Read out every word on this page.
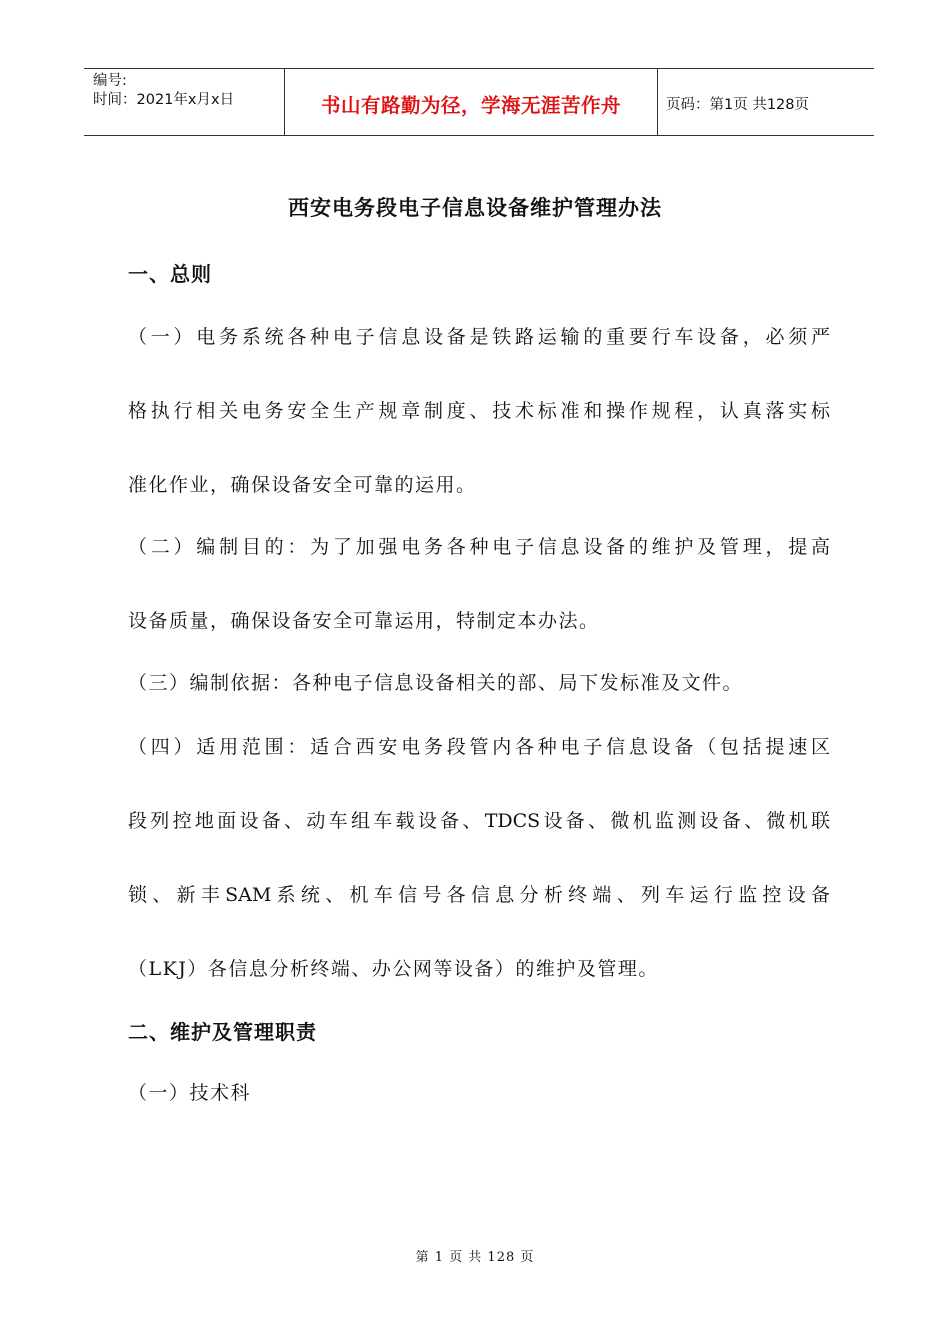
编号:
时间：2021年x月x日	书山有路勤为径，学海无涯苦作舟	页码：第1页 共128页
西安电务段电子信息设备维护管理办法
一、总则

（一）电务系统各种电子信息设备是铁路运输的重要行车设备，必须严

格执行相关电务安全生产规章制度、技术标准和操作规程，认真落实标

准化作业，确保设备安全可靠的运用。

（二）编制目的：为了加强电务各种电子信息设备的维护及管理，提高

设备质量，确保设备安全可靠运用，特制定本办法。

（三）编制依据：各种电子信息设备相关的部、局下发标准及文件。

（四）适用范围：适合西安电务段管内各种电子信息设备（包括提速区

段列控地面设备、动车组车载设备、TDCS设备、微机监测设备、微机联

锁、新丰SAM系统、机车信号各信息分析终端、列车运行监控设备

（LKJ）各信息分析终端、办公网等设备）的维护及管理。

二、维护及管理职责

（一）技术科

第 1 页 共 128 页
